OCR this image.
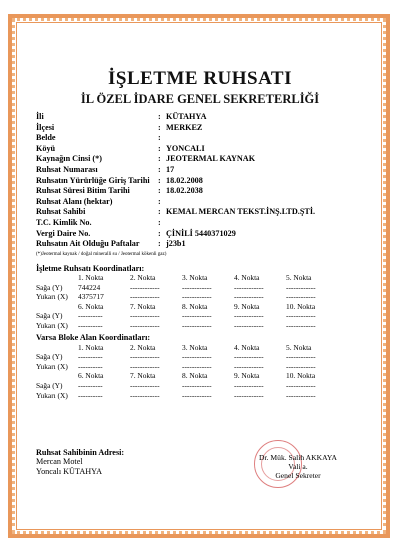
İŞLETME RUHSATI
İL ÖZEL İDARE GENEL SEKRETERLİĞİ
İli	: KÜTAHYA
İlçesi	: MERKEZ
Belde	:
Köyü	: YONCALI
Kaynağın Cinsi (*)	: JEOTERMAL KAYNAK
Ruhsat Numarası	: 17
Ruhsatın Yürürlüğe Giriş Tarihi	: 18.02.2008
Ruhsat Süresi Bitim Tarihi	: 18.02.2038
Ruhsat Alanı (hektar)	:
Ruhsat Sahibi	: KEMAL MERCAN TEKST.İNŞ.LTD.ŞTİ.
T.C. Kimlik No.	:
Vergi Daire No.	: ÇİNİLİ 5440371029
Ruhsatın Ait Olduğu Paftalar	: j23b1
(*)Jeotermal kaynak / doğal mineralli su / Jeotermal kökenli gaz)
İşletme Ruhsatı Koordinatları:
	1. Nokta	2. Nokta	3. Nokta	4. Nokta	5. Nokta
Sağa (Y)	744224	------------	------------	------------	------------
Yukarı (X)	4375717	------------	------------	------------	------------
	6. Nokta	7. Nokta	8. Nokta	9. Nokta	10. Nokta
Sağa (Y)	----------	------------	------------	------------	------------
Yukarı (X)	----------	------------	------------	------------	------------
Varsa Bloke Alan Koordinatları:
	1. Nokta	2. Nokta	3. Nokta	4. Nokta	5. Nokta
Sağa (Y)	----------	------------	------------	------------	------------
Yukarı (X)	----------	------------	------------	------------	------------
	6. Nokta	7. Nokta	8. Nokta	9. Nokta	10. Nokta
Sağa (Y)	----------	------------	------------	------------	------------
Yukarı (X)	----------	------------	------------	------------	------------
Ruhsat Sahibinin Adresi:
Mercan Motel
Yoncalı KÜTAHYA
Dr. Mük. Salih AKKAYA
Vali a.
Genel Sekreter
